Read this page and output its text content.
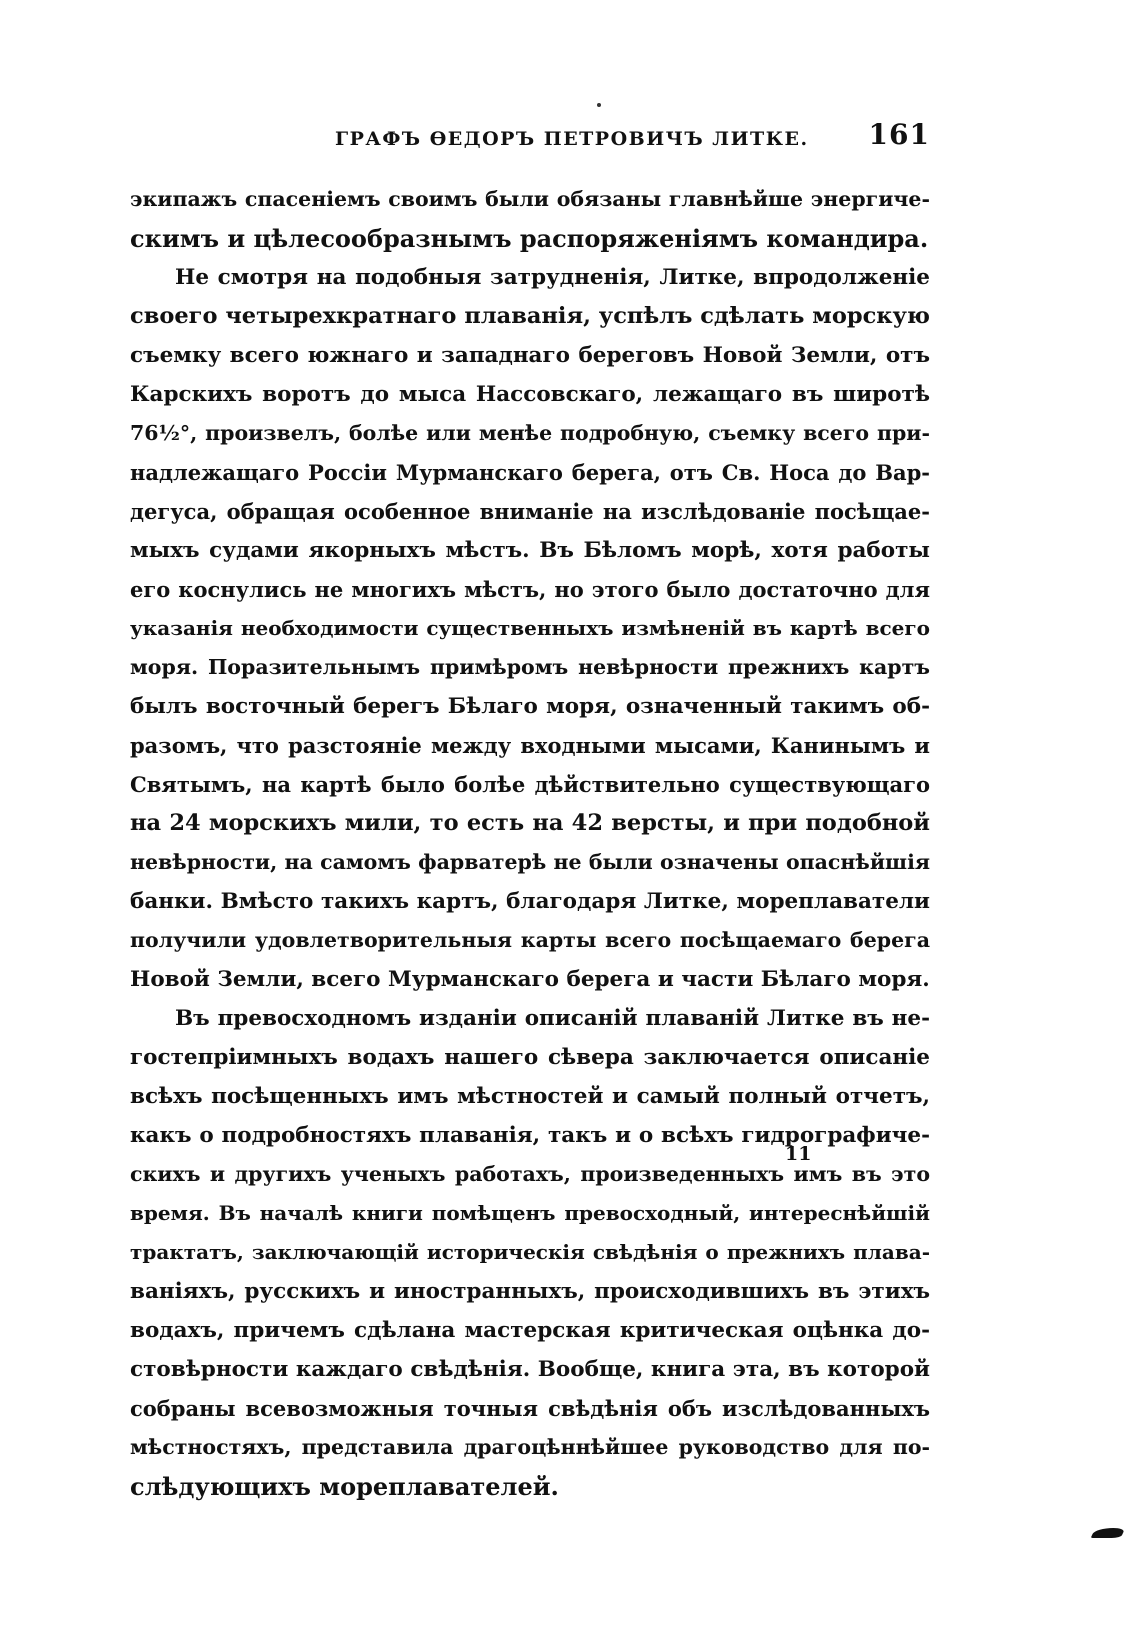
ГРАФЪ ѲЕДОРЪ ПЕТРОВИЧЪ ЛИТКЕ. 161
экипажъ спасеніемъ своимъ были обязаны главнѣйше энергиче-
скимъ и цѣлесообразнымъ распоряженіямъ командира.
Не смотря на подобныя затрудненія, Литке, впродолженіе
своего четырехкратнаго плаванія, успѣлъ сдѣлать морскую
съемку всего южнаго и западнаго береговъ Новой Земли, отъ
Карскихъ воротъ до мыса Нассовскаго, лежащаго въ широтѣ
76½°, произвелъ, болѣе или менѣе подробную, съемку всего при-
надлежащаго Россіи Мурманскаго берега, отъ Св. Носа до Вар-
дегуса, обращая особенное вниманіе на изслѣдованіе посѣщае-
мыхъ судами якорныхъ мѣстъ. Въ Бѣломъ морѣ, хотя работы
его коснулись не многихъ мѣстъ, но этого было достаточно для
указанія необходимости существенныхъ измѣненій въ картѣ всего
моря. Поразительнымъ примѣромъ невѣрности прежнихъ картъ
былъ восточный берегъ Бѣлаго моря, означенный такимъ об-
разомъ, что разстояніе между входными мысами, Канинымъ и
Святымъ, на картѣ было болѣе дѣйствительно существующаго
на 24 морскихъ мили, то есть на 42 версты, и при подобной
невѣрности, на самомъ фарватерѣ не были означены опаснѣйшія
банки. Вмѣсто такихъ картъ, благодаря Литке, мореплаватели
получили удовлетворительныя карты всего посѣщаемаго берега
Новой Земли, всего Мурманскаго берега и части Бѣлаго моря.
Въ превосходномъ изданіи описаній плаваній Литке въ не-
гостепріимныхъ водахъ нашего сѣвера заключается описаніе
всѣхъ посѣщенныхъ имъ мѣстностей и самый полный отчетъ,
какъ о подробностяхъ плаванія, такъ и о всѣхъ гидрографиче-
скихъ и другихъ ученыхъ работахъ, произведенныхъ имъ въ это
время. Въ началѣ книги помѣщенъ превосходный, интереснѣйшій
трактатъ, заключающій историческія свѣдѣнія о прежнихъ плава-
ваніяхъ, русскихъ и иностранныхъ, происходившихъ въ этихъ
водахъ, причемъ сдѣлана мастерская критическая оцѣнка до-
стовѣрности каждаго свѣдѣнія. Вообще, книга эта, въ которой
собраны всевозможныя точныя свѣдѣнія объ изслѣдованныхъ
мѣстностяхъ, представила драгоцѣннѣйшее руководство для по-
слѣдующихъ мореплавателей.
11
